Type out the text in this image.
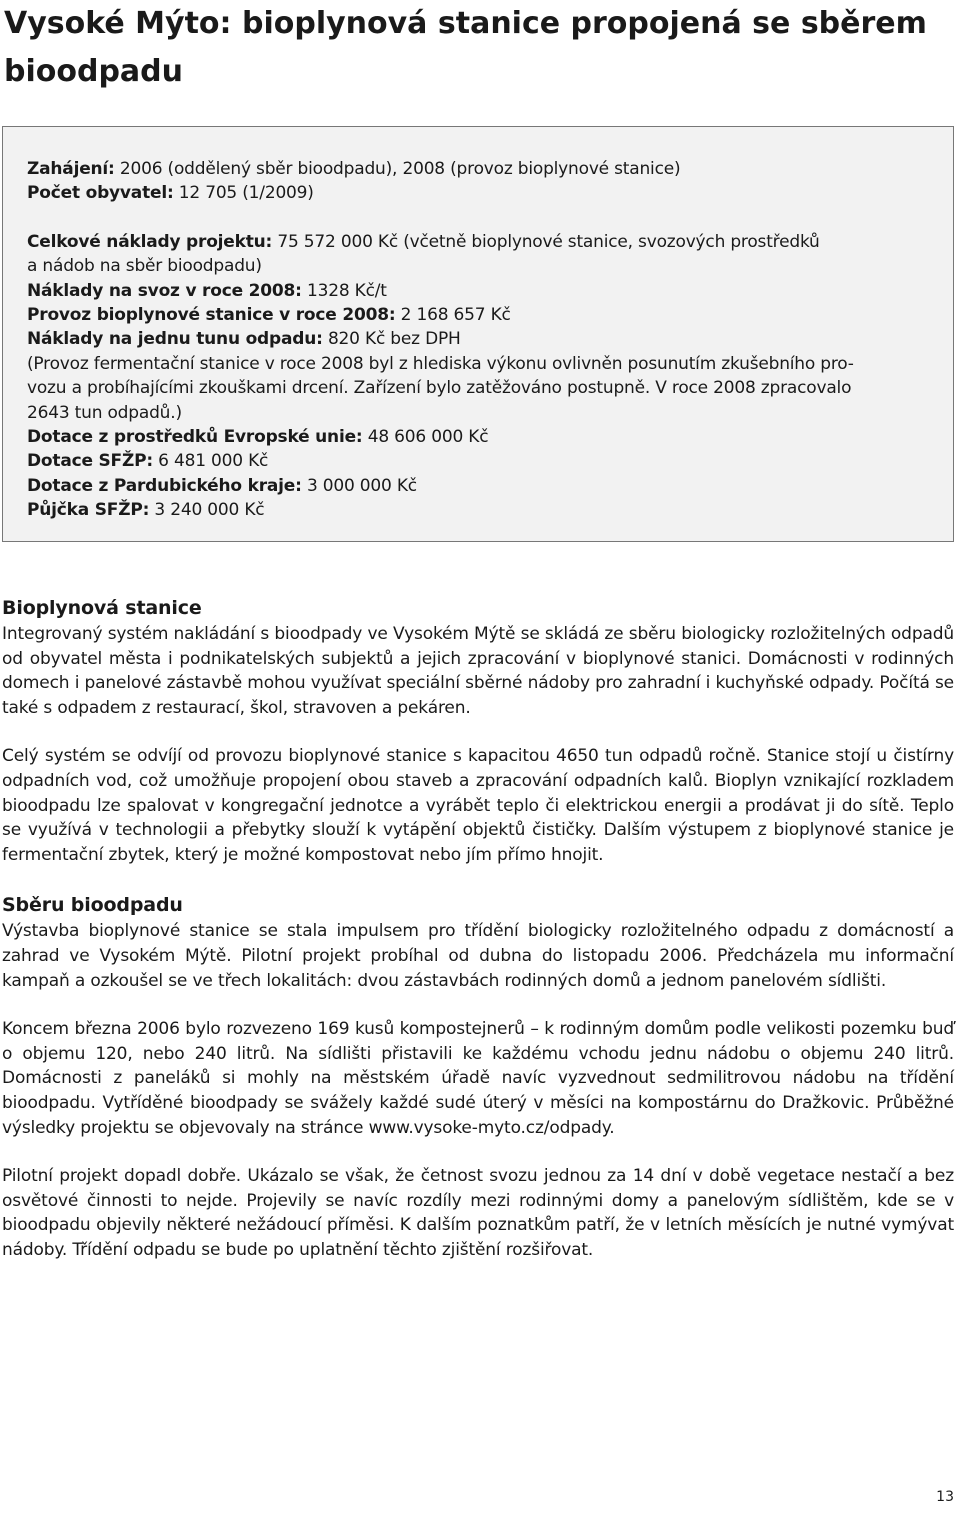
Vysoké Mýto: bioplynová stanice propojená se sběrem bioodpadu

Zahájení: 2006 (oddělený sběr bioodpadu), 2008 (provoz bioplynové stanice)

Počet obyvatel: 12 705 (1/2009)

Celkové náklady projektu: 75 572 000 Kč (včetně bioplynové stanice, svozových prostředků

a nádob na sběr bioodpadu)

Náklady na svoz v roce 2008: 1328 Kč/t

Provoz bioplynové stanice v roce 2008: 2 168 657 Kč

Náklady na jednu tunu odpadu: 820 Kč bez DPH

(Provoz fermentační stanice v roce 2008 byl z hlediska výkonu ovlivněn posunutím zkušebního pro-

vozu a probíhajícími zkouškami drcení. Zařízení bylo zatěžováno postupně. V roce 2008 zpracovalo

2643 tun odpadů.)

Dotace z prostředků Evropské unie: 48 606 000 Kč

Dotace SFŽP: 6 481 000 Kč

Dotace z Pardubického kraje: 3 000 000 Kč

Půjčka SFŽP: 3 240 000 Kč

Bioplynová stanice

Integrovaný systém nakládání s bioodpady ve Vysokém Mýtě se skládá ze sběru biologicky rozložitelných odpadů od obyvatel města i podnikatelských subjektů a jejich zpracování v bioplynové stanici. Domácnosti v rodinných domech i panelové zástavbě mohou využívat speciální sběrné nádoby pro zahradní i kuchyňské odpady. Počítá se také s odpadem z restaurací, škol, stravoven a pekáren.

Celý systém se odvíjí od provozu bioplynové stanice s kapacitou 4650 tun odpadů ročně. Stanice stojí u čistírny odpadních vod, což umožňuje propojení obou staveb a zpracování odpadních kalů. Bioplyn vznikající rozkladem bioodpadu lze spalovat v kongregační jednotce a vyrábět teplo či elektrickou energii a prodávat ji do sítě. Teplo se využívá v technologii a přebytky slouží k vytápění objektů čističky. Dalším výstupem z bioplynové stanice je fermentační zbytek, který je možné kompostovat nebo jím přímo hnojit.

Sběru bioodpadu

Výstavba bioplynové stanice se stala impulsem pro třídění biologicky rozložitelného odpadu z domácností a zahrad ve Vysokém Mýtě. Pilotní projekt probíhal od dubna do listopadu 2006. Předcházela mu informační kampaň a ozkoušel se ve třech lokalitách: dvou zástavbách rodinných domů a jednom panelovém sídlišti.

Koncem března 2006 bylo rozvezeno 169 kusů kompostejnerů – k rodinným domům podle velikosti pozemku buď o objemu 120, nebo 240 litrů. Na sídlišti přistavili ke každému vchodu jednu nádobu o objemu 240 litrů. Domácnosti z paneláků si mohly na městském úřadě navíc vyzvednout sedmilitrovou nádobu na třídění bioodpadu. Vytříděné bioodpady se svážely každé sudé úterý v měsíci na kompostárnu do Dražkovic. Průběžné výsledky projektu se objevovaly na stránce www.vysoke-myto.cz/odpady.

Pilotní projekt dopadl dobře. Ukázalo se však, že četnost svozu jednou za 14 dní v době vegetace nestačí a bez osvětové činnosti to nejde. Projevily se navíc rozdíly mezi rodinnými domy a panelovým sídlištěm, kde se v bioodpadu objevily některé nežádoucí příměsi. K dalším poznatkům patří, že v letních měsících je nutné vymývat nádoby. Třídění odpadu se bude po uplatnění těchto zjištění rozšiřovat.

13
